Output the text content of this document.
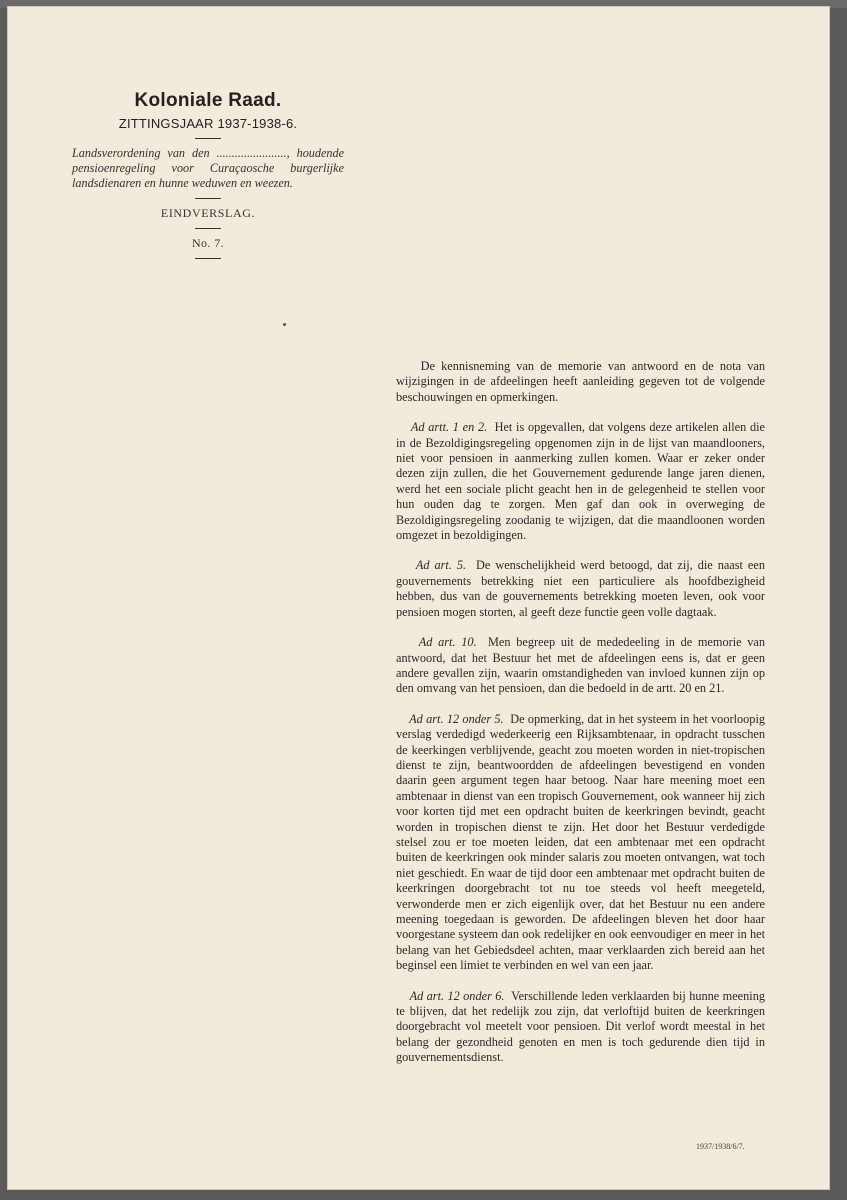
Koloniale Raad.
ZITTINGSJAAR 1937-1938-6.
Landsverordening van den ......................., houdende pensioenregeling voor Curaçaosche burgerlijke landsdienaren en hunne weduwen en weezen.
EINDVERSLAG.
No. 7.

De kennisneming van de memorie van antwoord en de nota van wijzigingen in de afdeelingen heeft aanleiding gegeven tot de volgende beschouwingen en opmerkingen.

Ad artt. 1 en 2. Het is opgevallen, dat volgens deze artikelen allen die in de Bezoldigingsregeling opgenomen zijn in de lijst van maandlooners, niet voor pensioen in aanmerking zullen komen. Waar er zeker onder dezen zijn zullen, die het Gouvernement gedurende lange jaren dienen, werd het een sociale plicht geacht hen in de gelegenheid te stellen voor hun ouden dag te zorgen. Men gaf dan ook in overweging de Bezoldigingsregeling zoodanig te wijzigen, dat die maandloonen worden omgezet in bezoldigingen.

Ad art. 5. De wenschelijkheid werd betoogd, dat zij, die naast een gouvernements betrekking niet een particuliere als hoofdbezigheid hebben, dus van de gouvernements betrekking moeten leven, ook voor pensioen mogen storten, al geeft deze functie geen volle dagtaak.

Ad art. 10. Men begreep uit de mededeeling in de memorie van antwoord, dat het Bestuur het met de afdeelingen eens is, dat er geen andere gevallen zijn, waarin omstandigheden van invloed kunnen zijn op den omvang van het pensioen, dan die bedoeld in de artt. 20 en 21.

Ad art. 12 onder 5. De opmerking, dat in het systeem in het voorloopig verslag verdedigd wederkeerig een Rijksambtenaar, in opdracht tusschen de keerkingen verblijvende, geacht zou moeten worden in niet-tropischen dienst te zijn, beantwoordden de afdeelingen bevestigend en vonden daarin geen argument tegen haar betoog. Naar hare meening moet een ambtenaar in dienst van een tropisch Gouvernement, ook wanneer hij zich voor korten tijd met een opdracht buiten de keerkringen bevindt, geacht worden in tropischen dienst te zijn. Het door het Bestuur verdedigde stelsel zou er toe moeten leiden, dat een ambtenaar met een opdracht buiten de keerkringen ook minder salaris zou moeten ontvangen, wat toch niet geschiedt. En waar de tijd door een ambtenaar met opdracht buiten de keerkringen doorgebracht tot nu toe steeds vol heeft meegeteld, verwonderde men er zich eigenlijk over, dat het Bestuur nu een andere meening toegedaan is geworden. De afdeelingen bleven het door haar voorgestane systeem dan ook redelijker en ook eenvoudiger en meer in het belang van het Gebiedsdeel achten, maar verklaarden zich bereid aan het beginsel een limiet te verbinden en wel van een jaar.

Ad art. 12 onder 6. Verschillende leden verklaarden bij hunne meening te blijven, dat het redelijk zou zijn, dat verloftijd buiten de keerkringen doorgebracht vol meetelt voor pensioen. Dit verlof wordt meestal in het belang der gezondheid genoten en men is toch gedurende dien tijd in gouvernementsdienst.

1937/1938/6/7.
